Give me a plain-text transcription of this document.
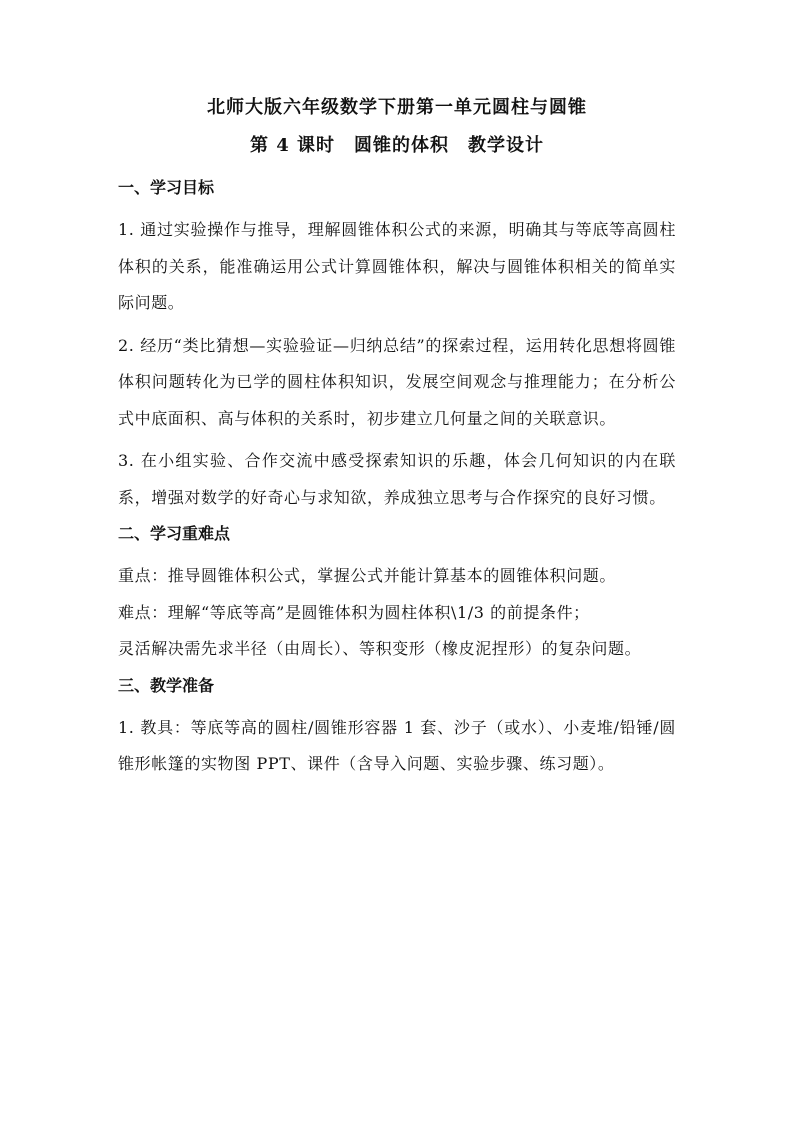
北师大版六年级数学下册第一单元圆柱与圆锥
第 4 课时　圆锥的体积　教学设计
一、学习目标

1. 通过实验操作与推导，理解圆锥体积公式的来源，明确其与等底等高圆柱体积的关系，能准确运用公式计算圆锥体积，解决与圆锥体积相关的简单实际问题。

2. 经历“类比猜想—实验验证—归纳总结”的探索过程，运用转化思想将圆锥体积问题转化为已学的圆柱体积知识，发展空间观念与推理能力；在分析公式中底面积、高与体积的关系时，初步建立几何量之间的关联意识。

3. 在小组实验、合作交流中感受探索知识的乐趣，体会几何知识的内在联系，增强对数学的好奇心与求知欲，养成独立思考与合作探究的良好习惯。

二、学习重难点

重点：推导圆锥体积公式，掌握公式并能计算基本的圆锥体积问题。

难点：理解“等底等高”是圆锥体积为圆柱体积\1/3 的前提条件；

灵活解决需先求半径（由周长）、等积变形（橡皮泥捏形）的复杂问题。

三、教学准备

1. 教具：等底等高的圆柱/圆锥形容器 1 套、沙子（或水）、小麦堆/铅锤/圆锥形帐篷的实物图 PPT、课件（含导入问题、实验步骤、练习题）。
